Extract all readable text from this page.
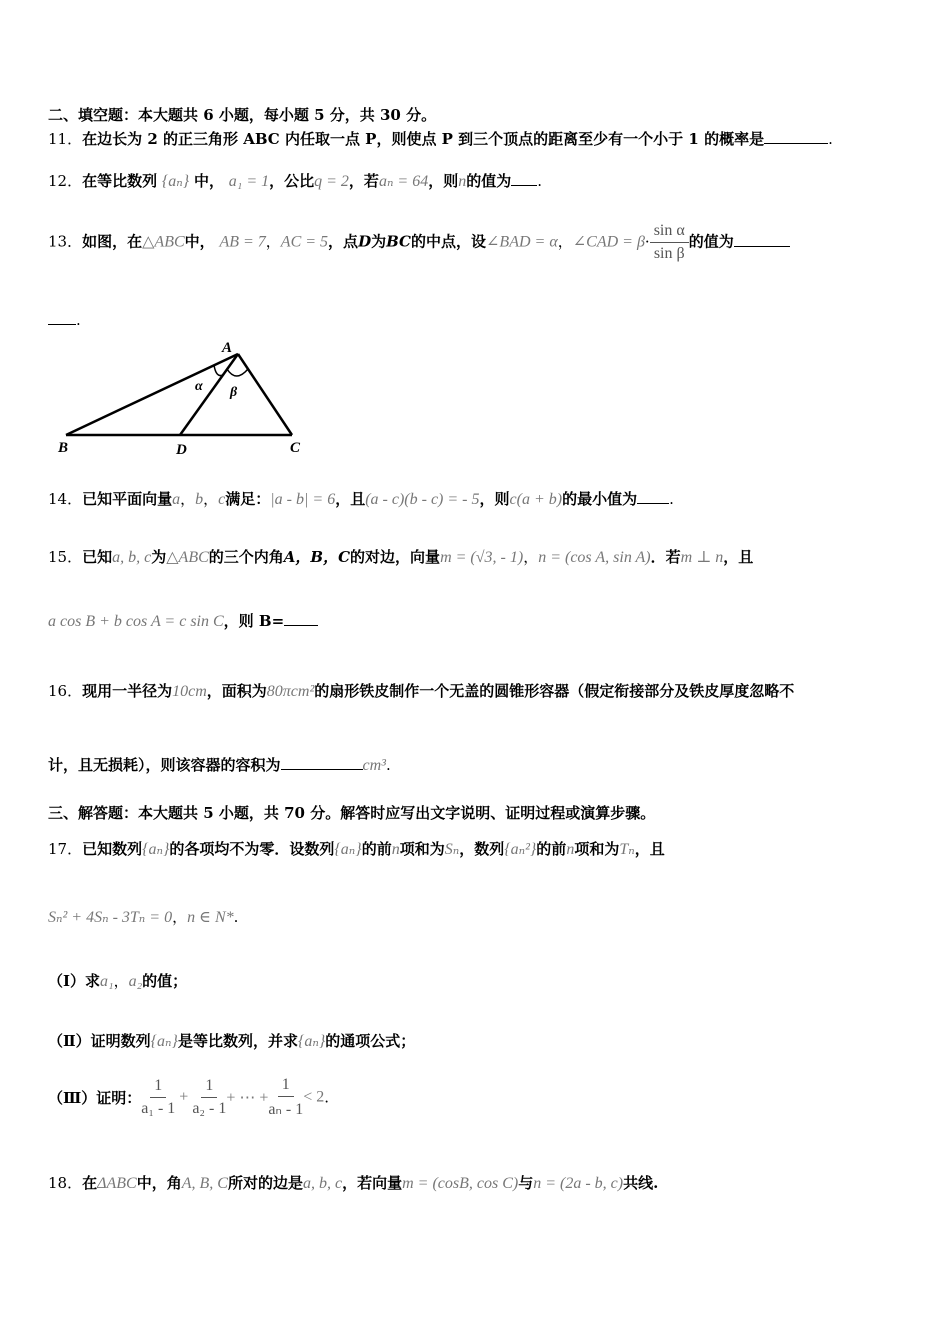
二、填空题：本大题共 6 小题，每小题 5 分，共 30 分。
11．在边长为 2 的正三角形 ABC 内任取一点 P，则使点 P 到三个顶点的距离至少有一个小于 1 的概率是	.
12．在等比数列 {aₙ} 中， a₁ = 1，公比q = 2，若aₙ = 64，则n的值为 .
13．如图，在△ABC中， AB = 7，AC = 5，点D为BC的中点，设∠BAD = α，∠CAD = $\beta\cdot \frac{\text{sin α}}{\text{sin β}}$ 的值为
.
A
B	C
D
α β
14．已知平面向量a，b，c满足：|a - b| = 6，且(a - c)(b - c) = - 5，则c(a + b)的最小值为 .
15．已知a, b, c为△ABC的三个内角A，B，C的对边，向量m = (√3, - 1)，n = (cos A, sin A)．若m ⊥ n，且
a cos B + b cos A = c sin C，则 B=
16．现用一半径为10cm，面积为80πcm²的扇形铁皮制作一个无盖的圆锥形容器（假定衔接部分及铁皮厚度忽略不
计，且无损耗），则该容器的容积为	cm³.
三、解答题：本大题共 5 小题，共 70 分。解答时应写出文字说明、证明过程或演算步骤。
17．已知数列{aₙ}的各项均不为零．设数列{aₙ}的前n项和为Sₙ，数列{aₙ²}的前n项和为Tₙ，且
Sₙ² + 4Sₙ - 3Tₙ = 0，n ∈ N*.
（Ⅰ）求a₁，a₂的值；
（Ⅱ）证明数列{aₙ}是等比数列，并求{aₙ}的通项公式；
（Ⅲ）证明： $\frac{1}{\text{a₁ - 1}} + \frac{1}{\text{a₂ - 1}}$ + ⋯ + $\frac{1}{\text{aₙ - 1}} < 2$.
18．在ΔABC中，角A, B, C所对的边是a, b, c，若向量m = (cosB, cos C)与n = (2a - b, c)共线.
